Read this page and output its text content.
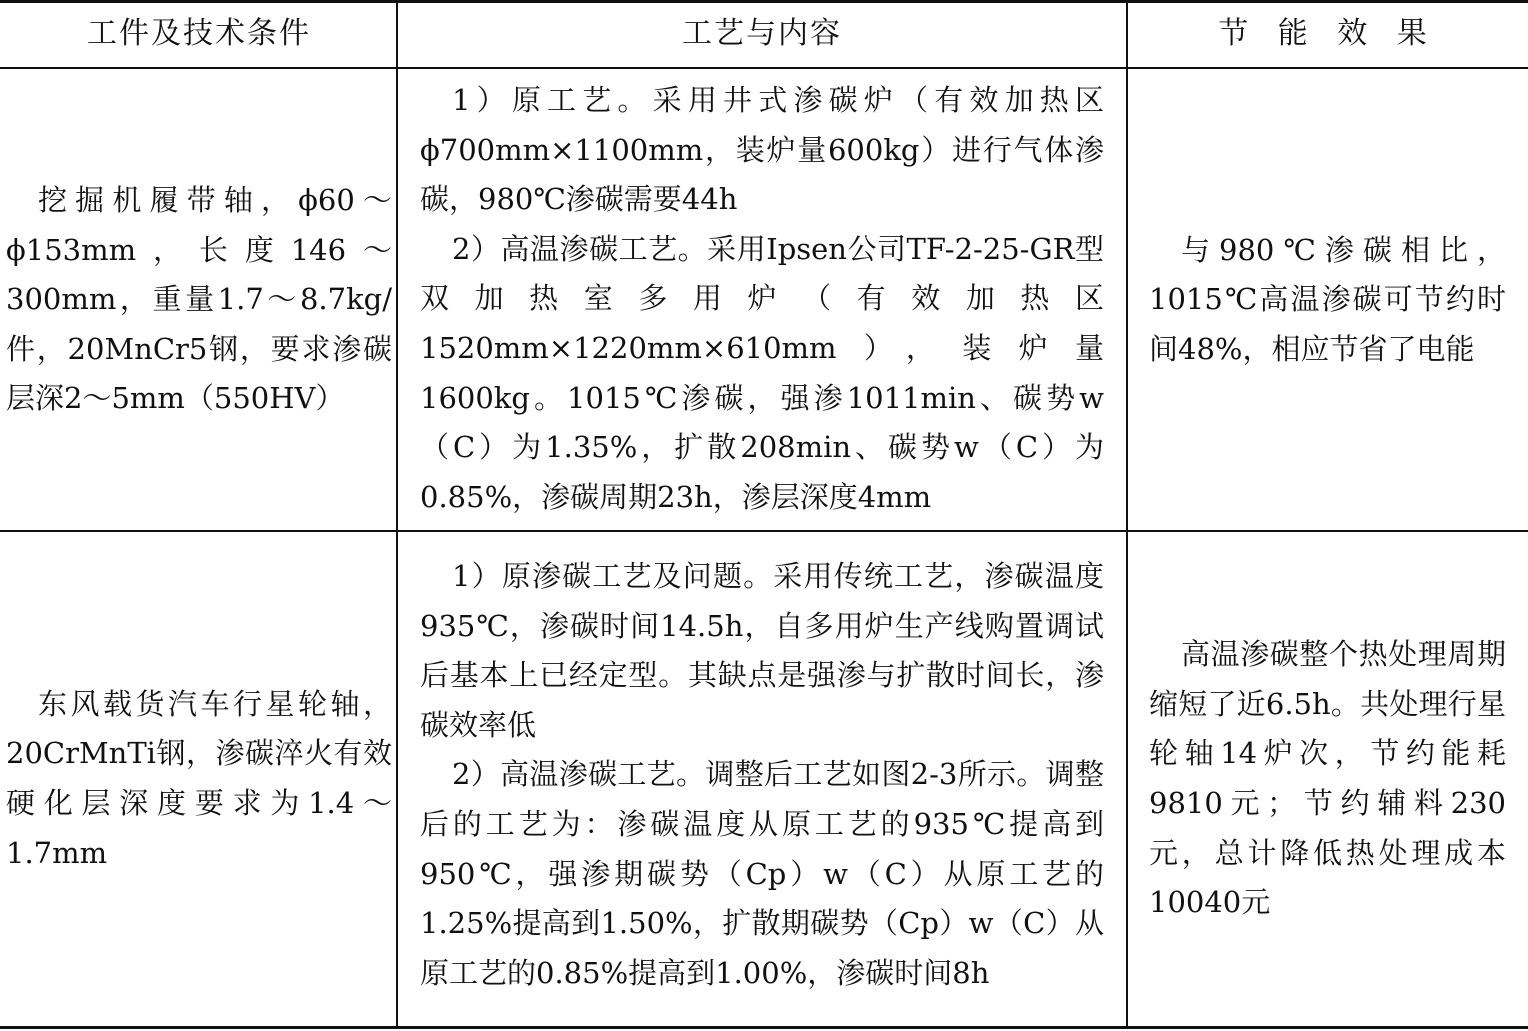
工件及技术条件	工艺与内容	节 能 效 果

挖掘机履带轴，ϕ60～ϕ153mm，长度146～300mm，重量1.7～8.7kg/件，20MnCr5钢，要求渗碳层深2～5mm（550HV）

1）原工艺。采用井式渗碳炉（有效加热区ϕ700mm×1100mm，装炉量600kg）进行气体渗碳，980℃渗碳需要44h

2）高温渗碳工艺。采用Ipsen公司TF-2-25-GR型双加热室多用炉（有效加热区1520mm×1220mm×610mm），装炉量1600kg。1015℃渗碳，强渗1011min、碳势w（C）为1.35%，扩散208min、碳势w（C）为0.85%，渗碳周期23h，渗层深度4mm

与980℃渗碳相比，1015℃高温渗碳可节约时间48%，相应节省了电能

东风载货汽车行星轮轴，20CrMnTi钢，渗碳淬火有效硬化层深度要求为1.4～1.7mm

1）原渗碳工艺及问题。采用传统工艺，渗碳温度935℃，渗碳时间14.5h，自多用炉生产线购置调试后基本上已经定型。其缺点是强渗与扩散时间长，渗碳效率低

2）高温渗碳工艺。调整后工艺如图2-3所示。调整后的工艺为：渗碳温度从原工艺的935℃提高到950℃，强渗期碳势（Cp）w（C）从原工艺的1.25%提高到1.50%，扩散期碳势（Cp）w（C）从原工艺的0.85%提高到1.00%，渗碳时间8h

高温渗碳整个热处理周期缩短了近6.5h。共处理行星轮轴14炉次，节约能耗9810元；节约辅料230元，总计降低热处理成本10040元
